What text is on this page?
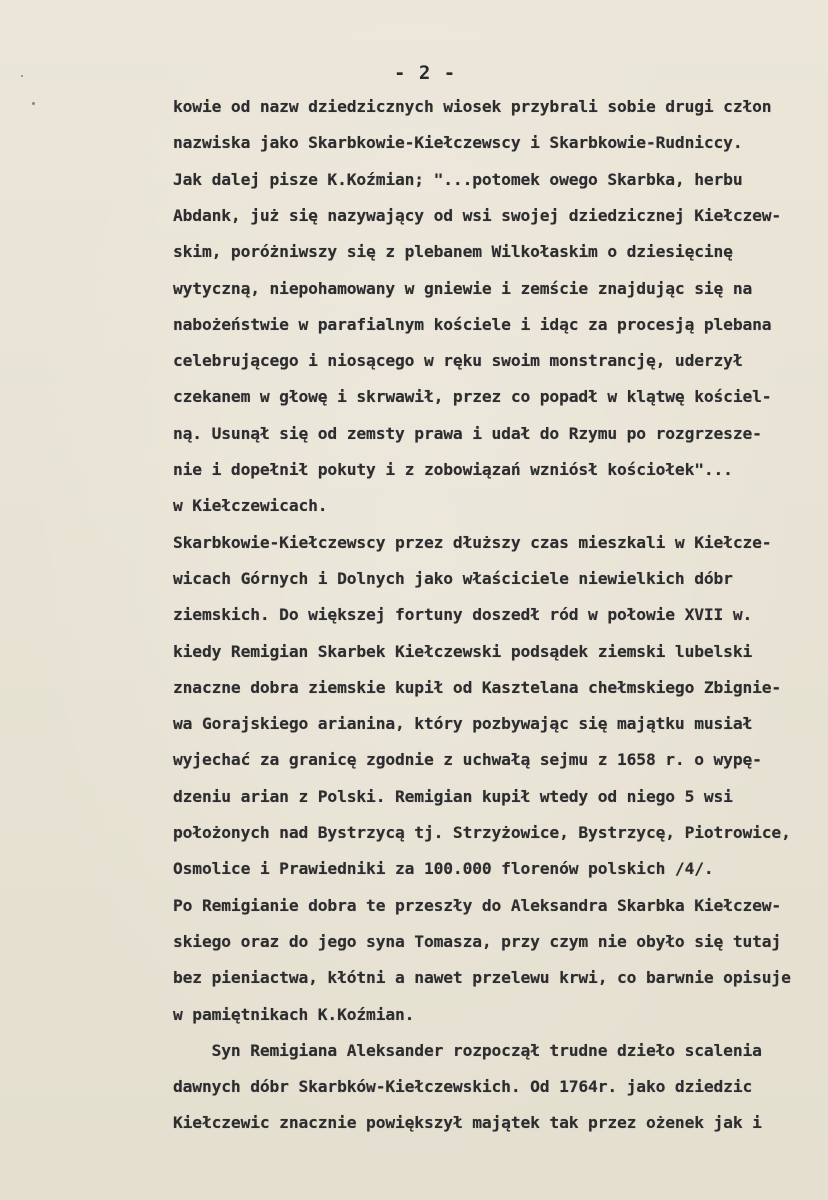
- 2 -
kowie od nazw dziedzicznych wiosek przybrali sobie drugi człon
nazwiska jako Skarbkowie-Kiełczewscy i Skarbkowie-Rudniccy.
Jak dalej pisze K.Koźmian; "...potomek owego Skarbka, herbu
Abdank, już się nazywający od wsi swojej dziedzicznej Kiełczew-
skim, poróżniwszy się z plebanem Wilkołaskim o dziesięcinę
wytyczną, niepohamowany w gniewie i zemście znajdując się na
nabożeństwie w parafialnym kościele i idąc za procesją plebana
celebrującego i niosącego w ręku swoim monstrancję, uderzył
czekanem w głowę i skrwawił, przez co popadł w klątwę kościel-
ną. Usunął się od zemsty prawa i udał do Rzymu po rozgrzesze-
nie i dopełnił pokuty i z zobowiązań wzniósł kościołek"...
w Kiełczewicach.
Skarbkowie-Kiełczewscy przez dłuższy czas mieszkali w Kiełcze-
wicach Górnych i Dolnych jako właściciele niewielkich dóbr
ziemskich. Do większej fortuny doszedł ród w połowie XVII w.
kiedy Remigian Skarbek Kiełczewski podsądek ziemski lubelski
znaczne dobra ziemskie kupił od Kasztelana chełmskiego Zbignie-
wa Gorajskiego arianina, który pozbywając się majątku musiał
wyjechać za granicę zgodnie z uchwałą sejmu z 1658 r. o wypę-
dzeniu arian z Polski. Remigian kupił wtedy od niego 5 wsi
położonych nad Bystrzycą tj. Strzyżowice, Bystrzycę, Piotrowice,
Osmolice i Prawiedniki za 100.000 florenów polskich /4/.
Po Remigianie dobra te przeszły do Aleksandra Skarbka Kiełczew-
skiego oraz do jego syna Tomasza, przy czym nie obyło się tutaj
bez pieniactwa, kłótni a nawet przelewu krwi, co barwnie opisuje
w pamiętnikach K.Koźmian.
Syn Remigiana Aleksander rozpoczął trudne dzieło scalenia
dawnych dóbr Skarbków-Kiełczewskich. Od 1764r. jako dziedzic
Kiełczewic znacznie powiększył majątek tak przez ożenek jak i
